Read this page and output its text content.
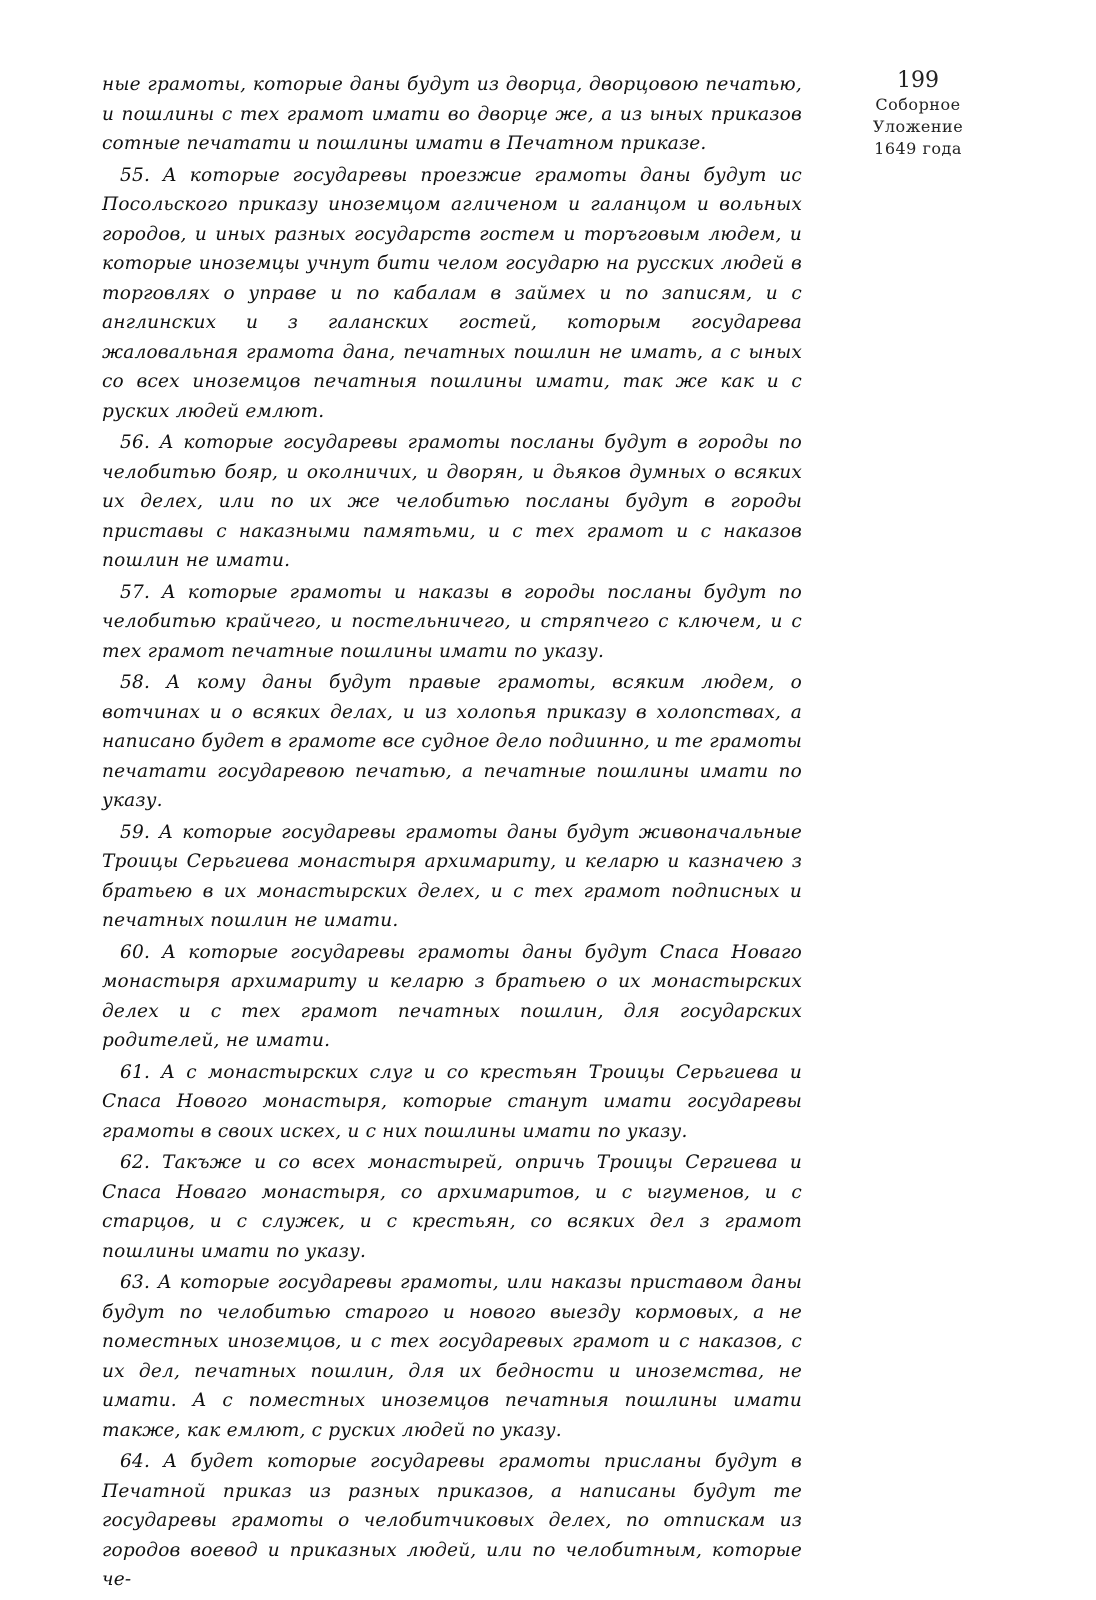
199
Соборное
Уложение
1649 года

ные грамоты, которые даны будут из дворца, дворцовою печатью, и пошлины с тех грамот имати во дворце же, а из ыных приказов сотные печатати и пошлины имати в Печатном приказе.

55. А которые государевы проезжие грамоты даны будут ис Посольского приказу иноземцом агличеном и галанцом и вольных городов, и иных разных государств гостем и торъговым людем, и которые иноземцы учнут бити челом государю на русских людей в торговлях о управе и по кабалам в займех и по записям, и с англинских и з галанских гостей, которым государева жаловальная грамота дана, печатных пошлин не имать, а с ыных со всех иноземцов печатныя пошлины имати, так же как и с руских людей емлют.

56. А которые государевы грамоты посланы будут в городы по челобитью бояр, и околничих, и дворян, и дьяков думных о всяких их делех, или по их же челобитью посланы будут в городы приставы с наказными памятьми, и с тех грамот и с наказов пошлин не имати.

57. А которые грамоты и наказы в городы посланы будут по челобитью крайчего, и постельничего, и стряпчего с ключем, и с тех грамот печатные пошлины имати по указу.

58. А кому даны будут правые грамоты, всяким людем, о вотчинах и о всяких делах, и из холопья приказу в холопствах, а написано будет в грамоте все судное дело подиинно, и те грамоты печатати государевою печатью, а печатные пошлины имати по указу.

59. А которые государевы грамоты даны будут живоначальные Троицы Серьгиева монастыря архимариту, и келарю и казначею з братьею в их монастырских делех, и с тех грамот подписных и печатных пошлин не имати.

60. А которые государевы грамоты даны будут Спаса Новаго монастыря архимариту и келарю з братьею о их монастырских делех и с тех грамот печатных пошлин, для государских родителей, не имати.

61. А с монастырских слуг и со крестьян Троицы Серьгиева и Спаса Нового монастыря, которые станут имати государевы грамоты в своих искех, и с них пошлины имати по указу.

62. Такъже и со всех монастырей, опричь Троицы Сергиева и Спаса Новаго монастыря, со архимаритов, и с ыгуменов, и с старцов, и с служек, и с крестьян, со всяких дел з грамот пошлины имати по указу.

63. А которые государевы грамоты, или наказы приставом даны будут по челобитью старого и нового выезду кормовых, а не поместных иноземцов, и с тех государевых грамот и с наказов, с их дел, печатных пошлин, для их бедности и иноземства, не имати. А с поместных иноземцов печатныя пошлины имати также, как емлют, с руских людей по указу.

64. А будет которые государевы грамоты присланы будут в Печатной приказ из разных приказов, а написаны будут те государевы грамоты о челобитчиковых делех, по отпискам из городов воевод и приказных людей, или по челобитным, которые че-
